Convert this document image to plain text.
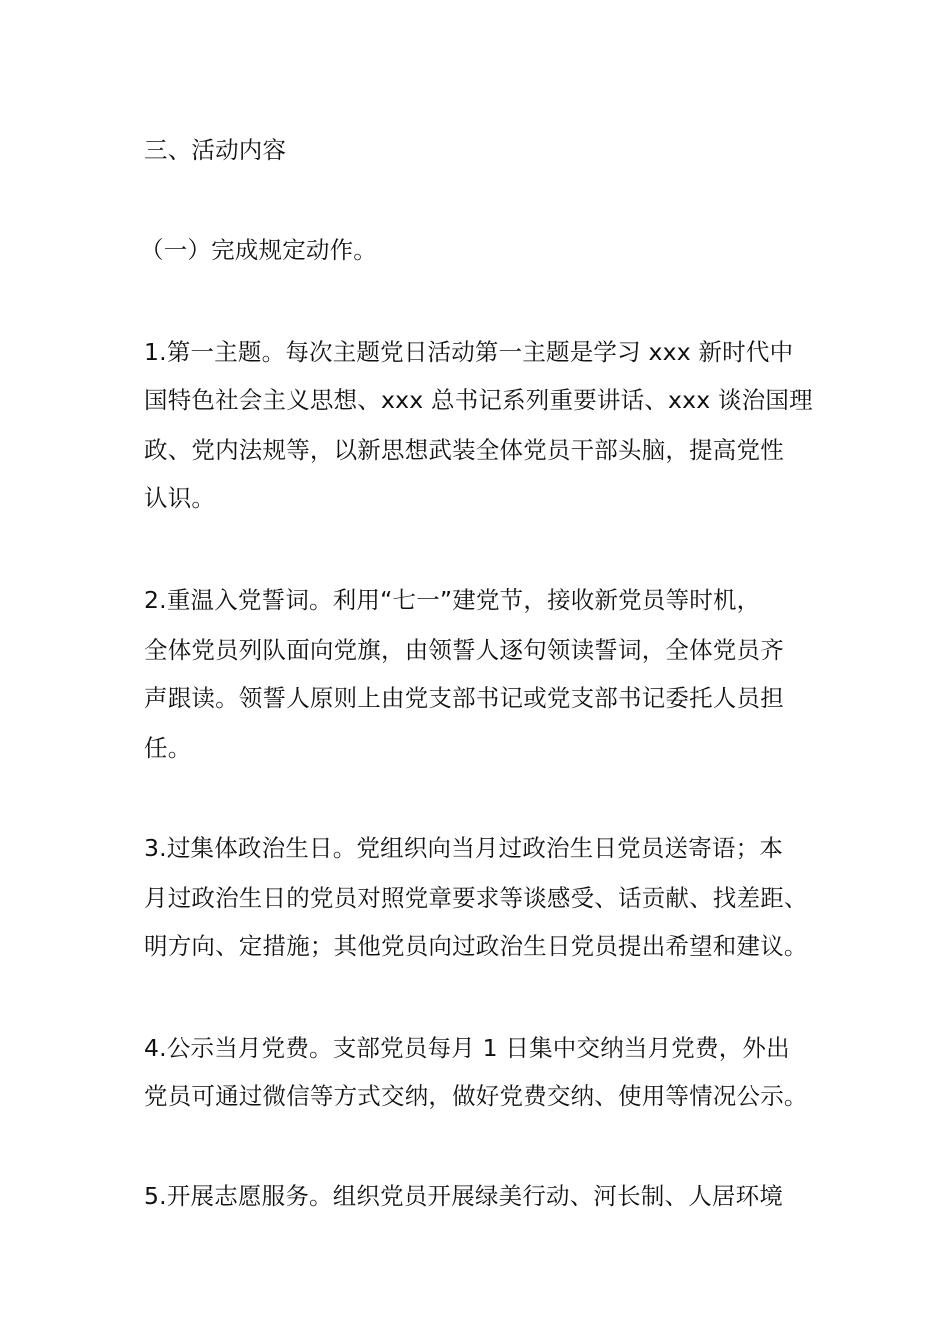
三、活动内容
（一）完成规定动作。
1.第一主题。每次主题党日活动第一主题是学习 xxx 新时代中
国特色社会主义思想、xxx 总书记系列重要讲话、xxx 谈治国理
政、党内法规等，以新思想武装全体党员干部头脑，提高党性
认识。
2.重温入党誓词。利用“七一”建党节，接收新党员等时机，
全体党员列队面向党旗，由领誓人逐句领读誓词，全体党员齐
声跟读。领誓人原则上由党支部书记或党支部书记委托人员担
任。
3.过集体政治生日。党组织向当月过政治生日党员送寄语；本
月过政治生日的党员对照党章要求等谈感受、话贡献、找差距、
明方向、定措施；其他党员向过政治生日党员提出希望和建议。
4.公示当月党费。支部党员每月 1 日集中交纳当月党费，外出
党员可通过微信等方式交纳，做好党费交纳、使用等情况公示。
5.开展志愿服务。组织党员开展绿美行动、河长制、人居环境
